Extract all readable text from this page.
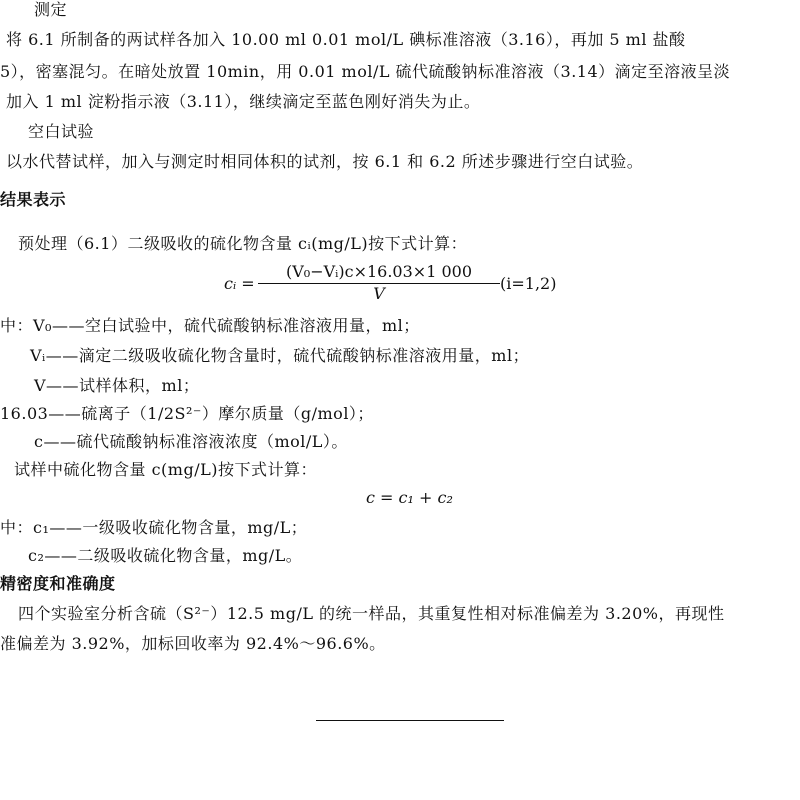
测定
将 6.1 所制备的两试样各加入 10.00 ml 0.01 mol/L 碘标准溶液（3.16），再加 5 ml 盐酸
5），密塞混匀。在暗处放置 10min，用 0.01 mol/L 硫代硫酸钠标准溶液（3.14）滴定至溶液呈淡
加入 1 ml 淀粉指示液（3.11），继续滴定至蓝色刚好消失为止。
空白试验
以水代替试样，加入与测定时相同体积的试剂，按 6.1 和 6.2 所述步骤进行空白试验。
结果表示
预处理（6.1）二级吸收的硫化物含量 cᵢ(mg/L)按下式计算：
cᵢ = $\frac{\text{(V₀−Vᵢ)c×16.03×1 000}}{V} (i=1,2)$
中：V₀——空白试验中，硫代硫酸钠标准溶液用量，ml；
Vᵢ——滴定二级吸收硫化物含量时，硫代硫酸钠标准溶液用量，ml；
V——试样体积，ml；
16.03——硫离子（1/2S²⁻）摩尔质量（g/mol）；
c——硫代硫酸钠标准溶液浓度（mol/L）。
试样中硫化物含量 c(mg/L)按下式计算：
c = c₁ + c₂
中：c₁——一级吸收硫化物含量，mg/L；
c₂——二级吸收硫化物含量，mg/L。
精密度和准确度
四个实验室分析含硫（S²⁻）12.5 mg/L 的统一样品，其重复性相对标准偏差为 3.20%，再现性
准偏差为 3.92%，加标回收率为 92.4%～96.6%。
